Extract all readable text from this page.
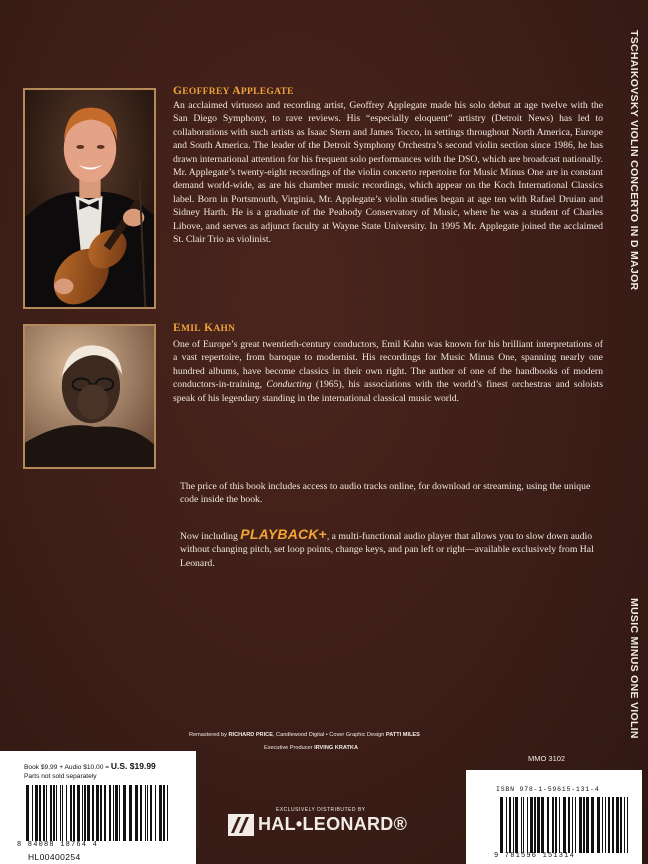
GEOFFREY APPLEGATE

An acclaimed virtuoso and recording artist, Geoffrey Applegate made his solo debut at age twelve with the San Diego Symphony, to rave reviews. His “especially eloquent” artistry (Detroit News) has led to collaborations with such artists as Isaac Stern and James Tocco, in settings throughout North America, Europe and South America. The leader of the Detroit Symphony Orchestra’s second violin section since 1986, he has drawn international attention for his frequent solo performances with the DSO, which are broadcast nationally. Mr. Applegate’s twenty-eight recordings of the violin concerto repertoire for Music Minus One are in constant demand world-wide, as are his chamber music recordings, which appear on the Koch International Classics label. Born in Portsmouth, Virginia, Mr. Applegate’s violin studies began at age ten with Rafael Druian and Sidney Harth. He is a graduate of the Peabody Conservatory of Music, where he was a student of Charles Libove, and serves as adjunct faculty at Wayne State University. In 1995 Mr. Applegate joined the acclaimed St. Clair Trio as violinist.

EMIL KAHN

One of Europe’s great twentieth-century conductors, Emil Kahn was known for his brilliant interpretations of a vast repertoire, from baroque to modernist. His recordings for Music Minus One, spanning nearly one hundred albums, have become classics in their own right. The author of one of the handbooks of modern conductors-in-training, Conducting (1965), his associations with the world’s finest orchestras and soloists speak of his legendary standing in the international classical music world.

The price of this book includes access to audio tracks online, for download or streaming, using the unique code inside the book.

Now including PLAYBACK+, a multi-functional audio player that allows you to slow down audio without changing pitch, set loop points, change keys, and pan left or right—available exclusively from Hal Leonard.

TSCHAIKOVSKY VIOLIN CONCERTO IN D MAJOR
MUSIC MINUS ONE VIOLIN
Remastered by RICHARD PRICE, Candlewood Digital • Cover Graphic Design PATTI MILES
Executive Producer IRVING KRATKA
MMO 3102
Book $9.99 + Audio $10.00 = U.S. $19.99
Parts not sold separately
8 84088 18764 4
HL00400254
ISBN 978-1-59615-131-4
9 781596 151314
EXCLUSIVELY DISTRIBUTED BY
HAL•LEONARD®
